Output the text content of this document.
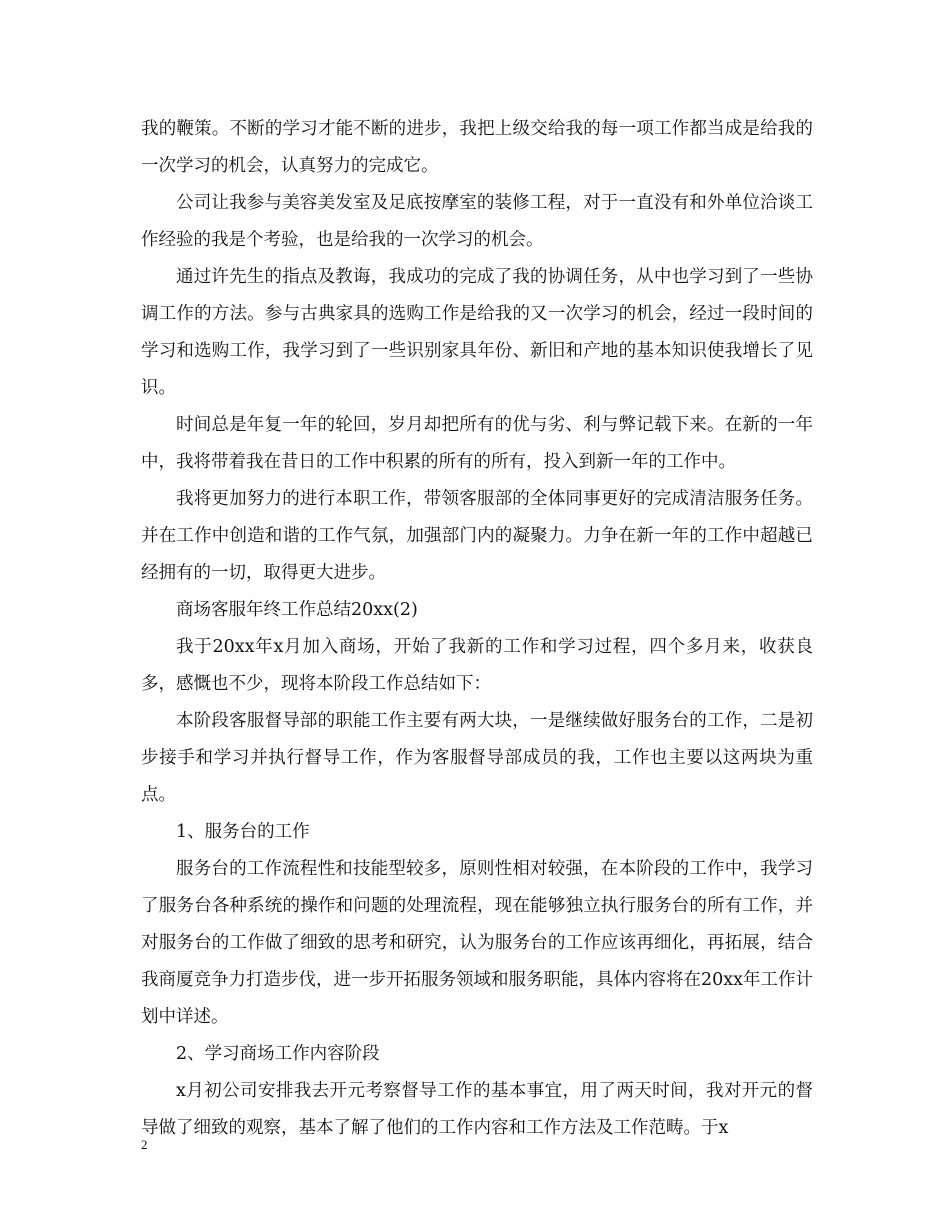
我的鞭策。不断的学习才能不断的进步，我把上级交给我的每一项工作都当成是给我的一次学习的机会，认真努力的完成它。

公司让我参与美容美发室及足底按摩室的装修工程，对于一直没有和外单位洽谈工作经验的我是个考验，也是给我的一次学习的机会。

通过许先生的指点及教诲，我成功的完成了我的协调任务，从中也学习到了一些协调工作的方法。参与古典家具的选购工作是给我的又一次学习的机会，经过一段时间的学习和选购工作，我学习到了一些识别家具年份、新旧和产地的基本知识使我增长了见识。

时间总是年复一年的轮回，岁月却把所有的优与劣、利与弊记载下来。在新的一年中，我将带着我在昔日的工作中积累的所有的所有，投入到新一年的工作中。

我将更加努力的进行本职工作，带领客服部的全体同事更好的完成清洁服务任务。并在工作中创造和谐的工作气氛，加强部门内的凝聚力。力争在新一年的工作中超越已经拥有的一切，取得更大进步。

商场客服年终工作总结20xx(2)

我于20xx年x月加入商场，开始了我新的工作和学习过程，四个多月来，收获良多，感慨也不少，现将本阶段工作总结如下：

本阶段客服督导部的职能工作主要有两大块，一是继续做好服务台的工作，二是初步接手和学习并执行督导工作，作为客服督导部成员的我，工作也主要以这两块为重点。

1、服务台的工作

服务台的工作流程性和技能型较多，原则性相对较强，在本阶段的工作中，我学习了服务台各种系统的操作和问题的处理流程，现在能够独立执行服务台的所有工作，并对服务台的工作做了细致的思考和研究，认为服务台的工作应该再细化，再拓展，结合我商厦竞争力打造步伐，进一步开拓服务领域和服务职能，具体内容将在20xx年工作计划中详述。

2、学习商场工作内容阶段

x月初公司安排我去开元考察督导工作的基本事宜，用了两天时间，我对开元的督导做了细致的观察，基本了解了他们的工作内容和工作方法及工作范畴。于x

2
